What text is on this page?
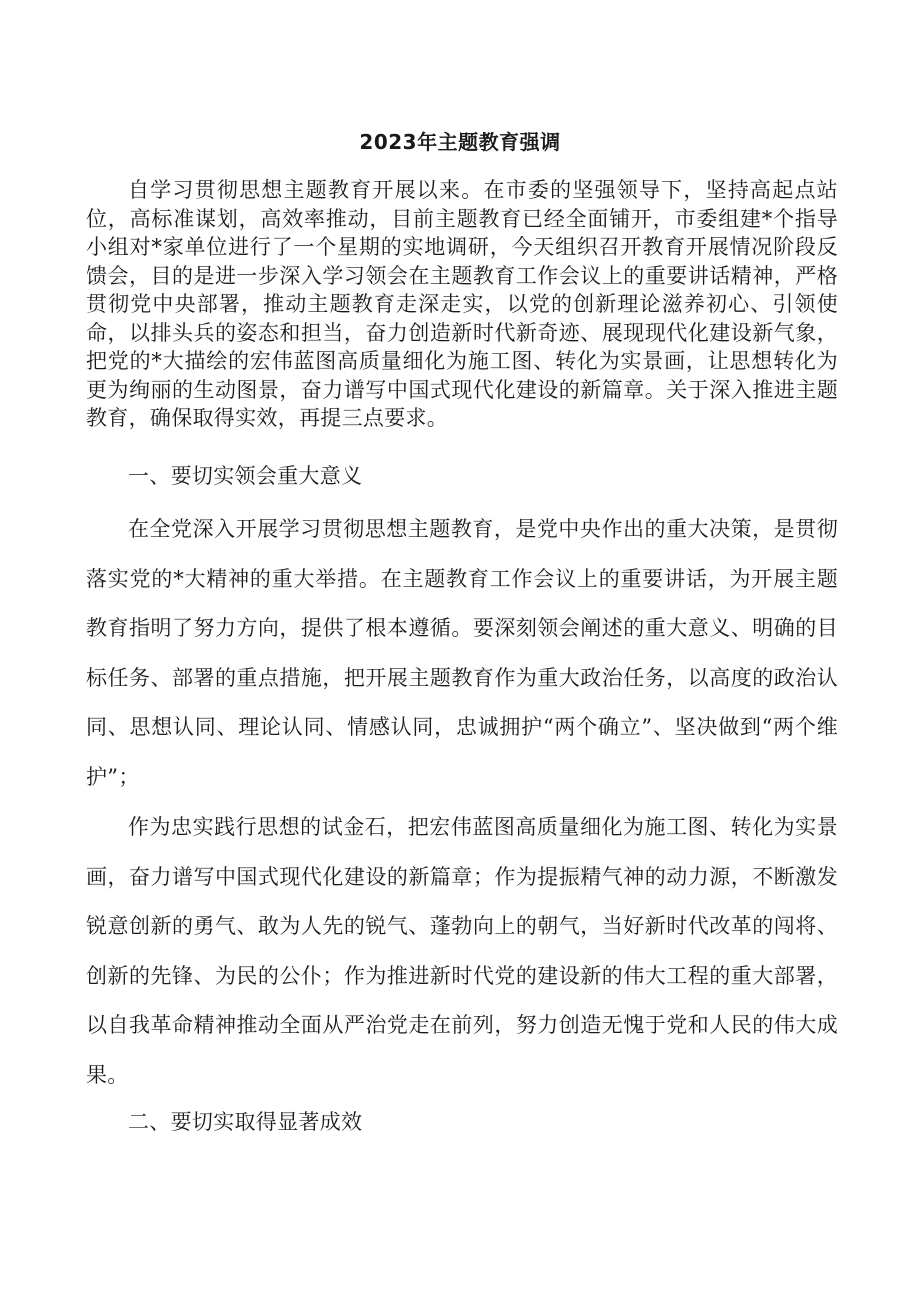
2023年主题教育强调

自学习贯彻思想主题教育开展以来。在市委的坚强领导下，坚持高起点站位，高标准谋划，高效率推动，目前主题教育已经全面铺开，市委组建*个指导小组对*家单位进行了一个星期的实地调研，今天组织召开教育开展情况阶段反馈会，目的是进一步深入学习领会在主题教育工作会议上的重要讲话精神，严格贯彻党中央部署，推动主题教育走深走实，以党的创新理论滋养初心、引领使命，以排头兵的姿态和担当，奋力创造新时代新奇迹、展现现代化建设新气象，把党的*大描绘的宏伟蓝图高质量细化为施工图、转化为实景画，让思想转化为更为绚丽的生动图景，奋力谱写中国式现代化建设的新篇章。关于深入推进主题教育，确保取得实效，再提三点要求。

一、要切实领会重大意义

在全党深入开展学习贯彻思想主题教育，是党中央作出的重大决策，是贯彻落实党的*大精神的重大举措。在主题教育工作会议上的重要讲话，为开展主题教育指明了努力方向，提供了根本遵循。要深刻领会阐述的重大意义、明确的目标任务、部署的重点措施，把开展主题教育作为重大政治任务，以高度的政治认同、思想认同、理论认同、情感认同，忠诚拥护“两个确立”、坚决做到“两个维护”；

作为忠实践行思想的试金石，把宏伟蓝图高质量细化为施工图、转化为实景画，奋力谱写中国式现代化建设的新篇章；作为提振精气神的动力源，不断激发锐意创新的勇气、敢为人先的锐气、蓬勃向上的朝气，当好新时代改革的闯将、创新的先锋、为民的公仆；作为推进新时代党的建设新的伟大工程的重大部署，以自我革命精神推动全面从严治党走在前列，努力创造无愧于党和人民的伟大成果。

二、要切实取得显著成效
